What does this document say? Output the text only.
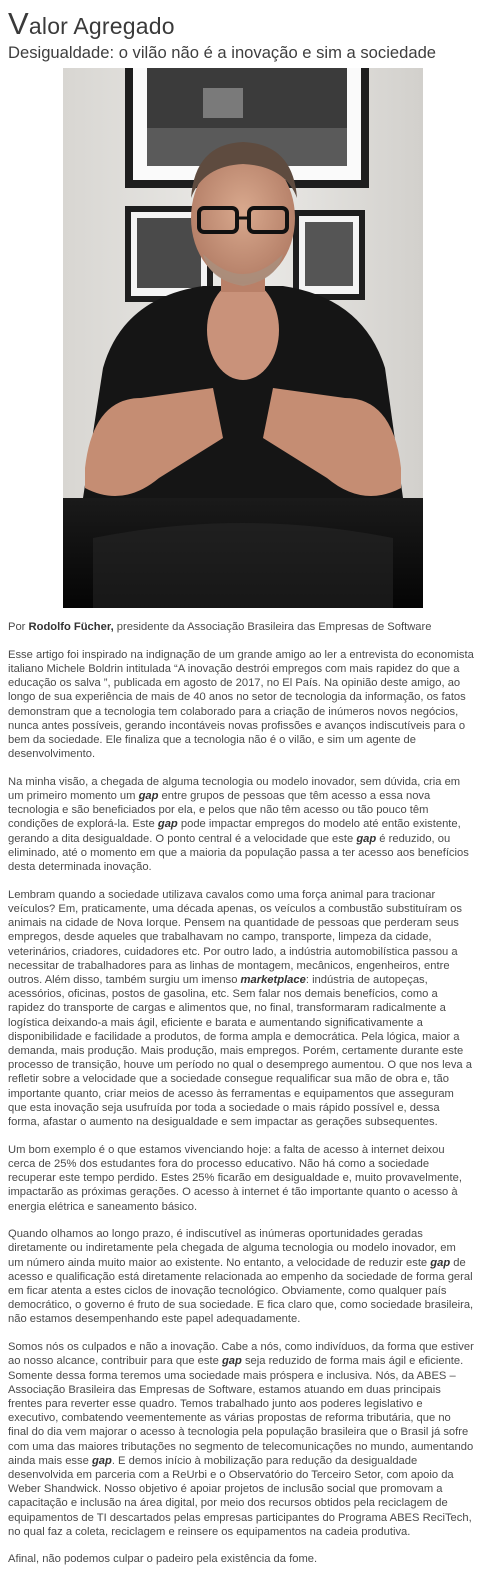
Valor Agregado
Desigualdade: o vilão não é a inovação e sim a sociedade

Por Rodolfo Fücher, presidente da Associação Brasileira das Empresas de Software

Esse artigo foi inspirado na indignação de um grande amigo ao ler a entrevista do economista italiano Michele Boldrin intitulada “A inovação destrói empregos com mais rapidez do que a educação os salva ”, publicada em agosto de 2017, no El País. Na opinião deste amigo, ao longo de sua experiência de mais de 40 anos no setor de tecnologia da informação, os fatos demonstram que a tecnologia tem colaborado para a criação de inúmeros novos negócios, nunca antes possíveis, gerando incontáveis novas profissões e avanços indiscutíveis para o bem da sociedade. Ele finaliza que a tecnologia não é o vilão, e sim um agente de desenvolvimento.

Na minha visão, a chegada de alguma tecnologia ou modelo inovador, sem dúvida, cria em um primeiro momento um gap entre grupos de pessoas que têm acesso a essa nova tecnologia e são beneficiados por ela, e pelos que não têm acesso ou tão pouco têm condições de explorá-la. Este gap pode impactar empregos do modelo até então existente, gerando a dita desigualdade. O ponto central é a velocidade que este gap é reduzido, ou eliminado, até o momento em que a maioria da população passa a ter acesso aos benefícios desta determinada inovação.

Lembram quando a sociedade utilizava cavalos como uma força animal para tracionar veículos? Em, praticamente, uma década apenas, os veículos a combustão substituíram os animais na cidade de Nova Iorque. Pensem na quantidade de pessoas que perderam seus empregos, desde aqueles que trabalhavam no campo, transporte, limpeza da cidade, veterinários, criadores, cuidadores etc. Por outro lado, a indústria automobilística passou a necessitar de trabalhadores para as linhas de montagem, mecânicos, engenheiros, entre outros. Além disso, também surgiu um imenso marketplace: indústria de autopeças, acessórios, oficinas, postos de gasolina, etc. Sem falar nos demais benefícios, como a rapidez do transporte de cargas e alimentos que, no final, transformaram radicalmente a logística deixando-a mais ágil, eficiente e barata e aumentando significativamente a disponibilidade e facilidade a produtos, de forma ampla e democrática. Pela lógica, maior a demanda, mais produção. Mais produção, mais empregos. Porém, certamente durante este processo de transição, houve um período no qual o desemprego aumentou. O que nos leva a refletir sobre a velocidade que a sociedade consegue requalificar sua mão de obra e, tão importante quanto, criar meios de acesso às ferramentas e equipamentos que asseguram que esta inovação seja usufruída por toda a sociedade o mais rápido possível e, dessa forma, afastar o aumento na desigualdade e sem impactar as gerações subsequentes.

Um bom exemplo é o que estamos vivenciando hoje: a falta de acesso à internet deixou cerca de 25% dos estudantes fora do processo educativo. Não há como a sociedade recuperar este tempo perdido. Estes 25% ficarão em desigualdade e, muito provavelmente, impactarão as próximas gerações. O acesso à internet é tão importante quanto o acesso à energia elétrica e saneamento básico.

Quando olhamos ao longo prazo, é indiscutível as inúmeras oportunidades geradas diretamente ou indiretamente pela chegada de alguma tecnologia ou modelo inovador, em um número ainda muito maior ao existente. No entanto, a velocidade de reduzir este gap de acesso e qualificação está diretamente relacionada ao empenho da sociedade de forma geral em ficar atenta a estes ciclos de inovação tecnológico. Obviamente, como qualquer país democrático, o governo é fruto de sua sociedade. E fica claro que, como sociedade brasileira, não estamos desempenhando este papel adequadamente.

Somos nós os culpados e não a inovação. Cabe a nós, como indivíduos, da forma que estiver ao nosso alcance, contribuir para que este gap seja reduzido de forma mais ágil e eficiente. Somente dessa forma teremos uma sociedade mais próspera e inclusiva. Nós, da ABES – Associação Brasileira das Empresas de Software, estamos atuando em duas principais frentes para reverter esse quadro. Temos trabalhado junto aos poderes legislativo e executivo, combatendo veementemente as várias propostas de reforma tributária, que no final do dia vem majorar o acesso à tecnologia pela população brasileira que o Brasil já sofre com uma das maiores tributações no segmento de telecomunicações no mundo, aumentando ainda mais esse gap. E demos início à mobilização para redução da desigualdade desenvolvida em parceria com a ReUrbi e o Observatório do Terceiro Setor, com apoio da Weber Shandwick. Nosso objetivo é apoiar projetos de inclusão social que promovam a capacitação e inclusão na área digital, por meio dos recursos obtidos pela reciclagem de equipamentos de TI descartados pelas empresas participantes do Programa ABES ReciTech, no qual faz a coleta, reciclagem e reinsere os equipamentos na cadeia produtiva.

Afinal, não podemos culpar o padeiro pela existência da fome.
